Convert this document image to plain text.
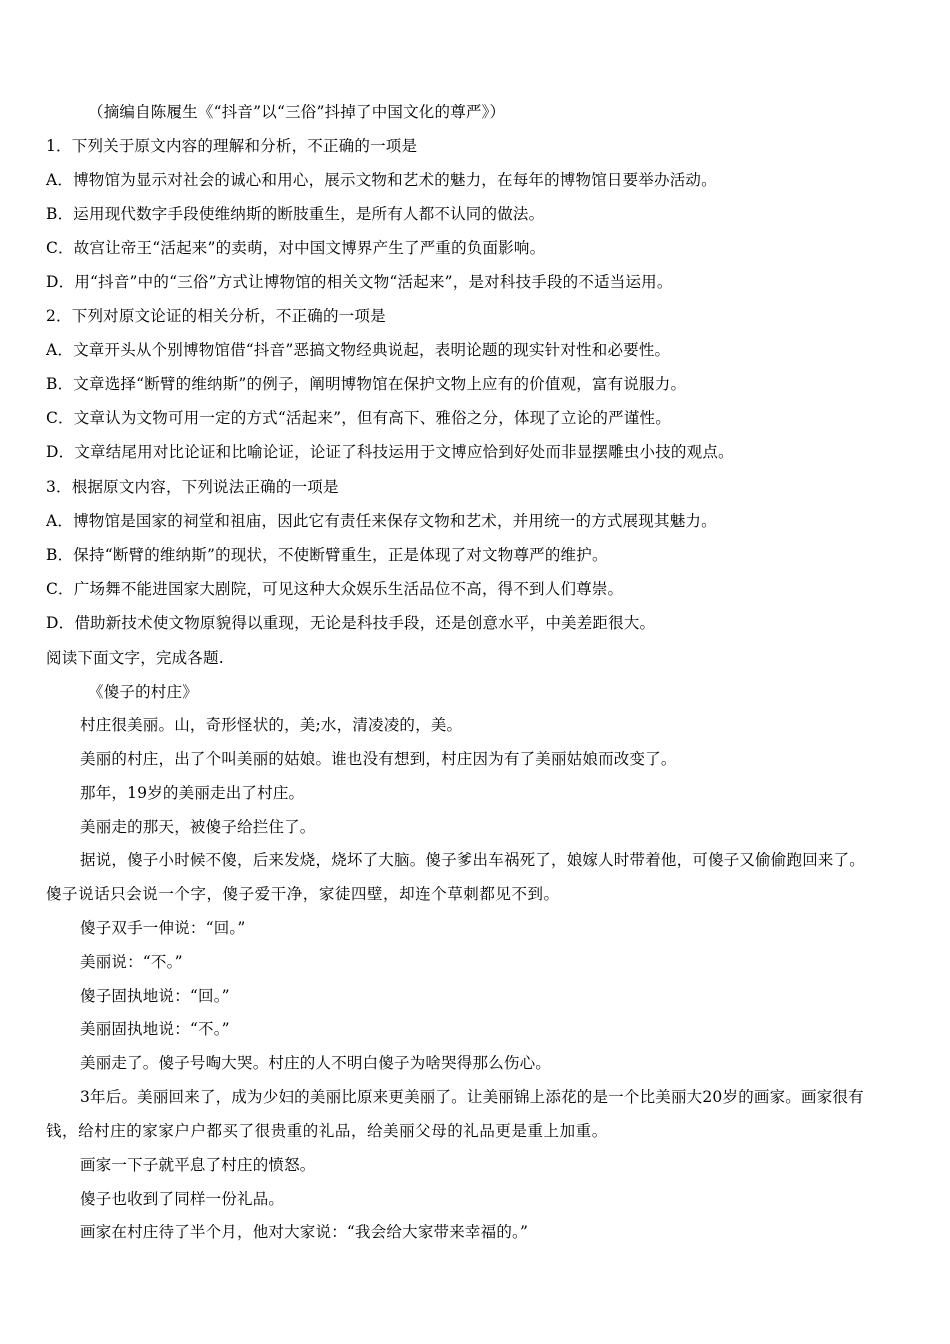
（摘编自陈履生《“抖音”以“三俗”抖掉了中国文化的尊严》）
1．下列关于原文内容的理解和分析，不正确的一项是
A．博物馆为显示对社会的诚心和用心，展示文物和艺术的魅力，在每年的博物馆日要举办活动。
B．运用现代数字手段使维纳斯的断肢重生，是所有人都不认同的做法。
C．故宫让帝王“活起来”的卖萌，对中国文博界产生了严重的负面影响。
D．用“抖音”中的“三俗”方式让博物馆的相关文物“活起来”，是对科技手段的不适当运用。
2．下列对原文论证的相关分析，不正确的一项是
A．文章开头从个别博物馆借“抖音”恶搞文物经典说起，表明论题的现实针对性和必要性。
B．文章选择“断臂的维纳斯”的例子，阐明博物馆在保护文物上应有的价值观，富有说服力。
C．文章认为文物可用一定的方式“活起来”，但有高下、雅俗之分，体现了立论的严谨性。
D．文章结尾用对比论证和比喻论证，论证了科技运用于文博应恰到好处而非显摆雕虫小技的观点。
3．根据原文内容，下列说法正确的一项是
A．博物馆是国家的祠堂和祖庙，因此它有责任来保存文物和艺术，并用统一的方式展现其魅力。
B．保持“断臂的维纳斯”的现状，不使断臂重生，正是体现了对文物尊严的维护。
C．广场舞不能进国家大剧院，可见这种大众娱乐生活品位不高，得不到人们尊崇。
D．借助新技术使文物原貌得以重现，无论是科技手段，还是创意水平，中美差距很大。
阅读下面文字，完成各题.
《傻子的村庄》
村庄很美丽。山，奇形怪状的，美;水，清凌凌的，美。
美丽的村庄，出了个叫美丽的姑娘。谁也没有想到，村庄因为有了美丽姑娘而改变了。
那年，19岁的美丽走出了村庄。
美丽走的那天，被傻子给拦住了。
据说，傻子小时候不傻，后来发烧，烧坏了大脑。傻子爹出车祸死了，娘嫁人时带着他，可傻子又偷偷跑回来了。
傻子说话只会说一个字，傻子爱干净，家徒四壁，却连个草刺都见不到。
傻子双手一伸说：“回。”
美丽说：“不。”
傻子固执地说：“回。”
美丽固执地说：“不。”
美丽走了。傻子号啕大哭。村庄的人不明白傻子为啥哭得那么伤心。
3年后。美丽回来了，成为少妇的美丽比原来更美丽了。让美丽锦上添花的是一个比美丽大20岁的画家。画家很有
钱，给村庄的家家户户都买了很贵重的礼品，给美丽父母的礼品更是重上加重。
画家一下子就平息了村庄的愤怒。
傻子也收到了同样一份礼品。
画家在村庄待了半个月，他对大家说：“我会给大家带来幸福的。”
